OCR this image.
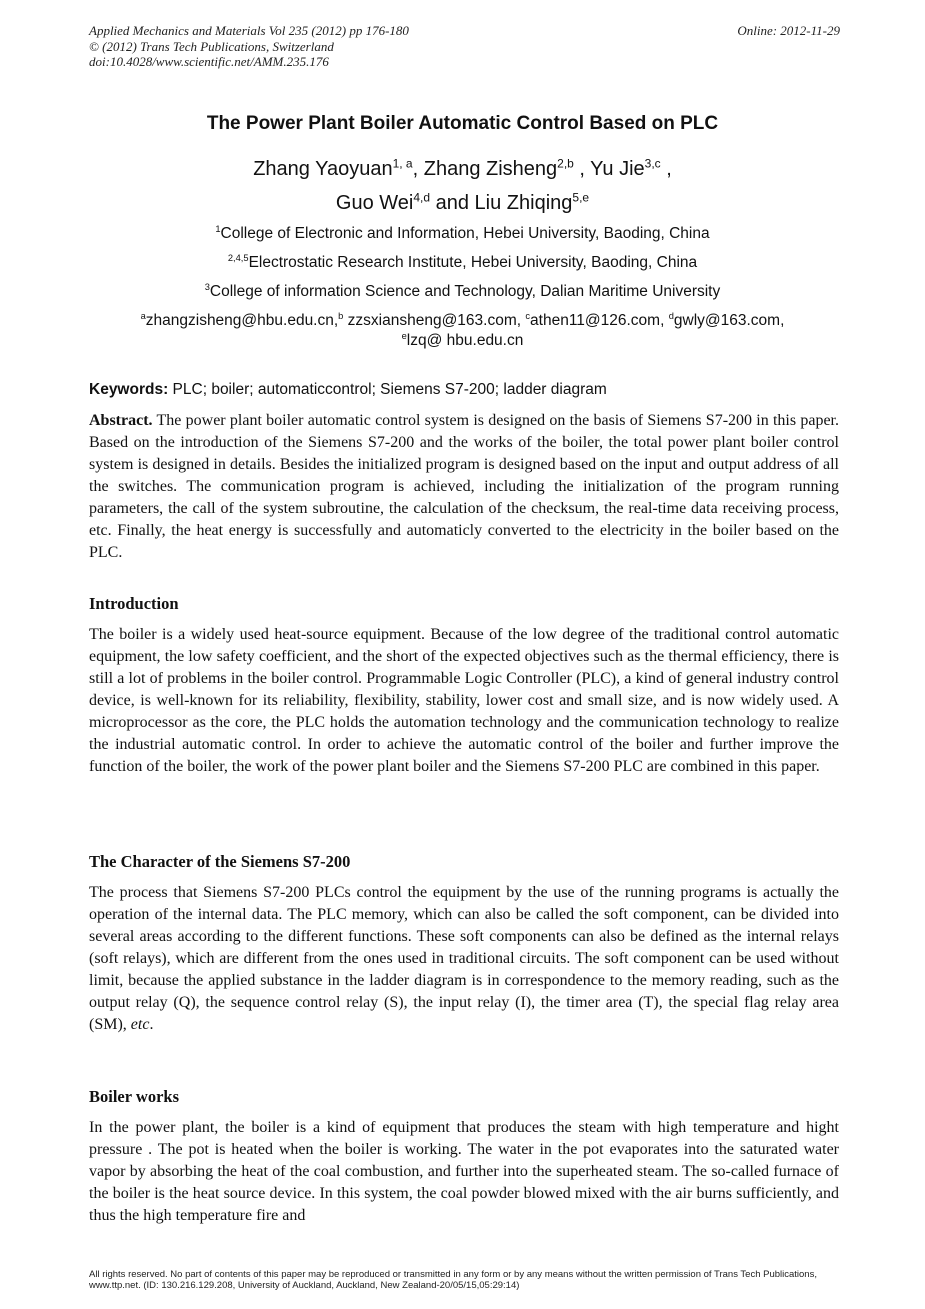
Applied Mechanics and Materials Vol 235 (2012) pp 176-180
© (2012) Trans Tech Publications, Switzerland
doi:10.4028/www.scientific.net/AMM.235.176
Online: 2012-11-29
The Power Plant Boiler Automatic Control Based on PLC
Zhang Yaoyuan$^{1, a}$, Zhang Zisheng$^{2,b}$ , Yu Jie$^{3,c}$ ,
Guo Wei$^{4,d}$ and Liu Zhiqing$^{5,e}$
$^1$College of Electronic and Information, Hebei University, Baoding, China
$^{2,4,5}$Electrostatic Research Institute, Hebei University, Baoding, China
$^3$College of information Science and Technology, Dalian Maritime University
$^a$zhangzisheng@hbu.edu.cn,$^b$ zzsxiansheng@163.com, $^c$athen11@126.com, $^d$gwly@163.com,
$^e$lzq@ hbu.edu.cn
Keywords: PLC; boiler; automaticcontrol; Siemens S7-200; ladder diagram

Abstract. The power plant boiler automatic control system is designed on the basis of Siemens S7-200 in this paper. Based on the introduction of the Siemens S7-200 and the works of the boiler, the total power plant boiler control system is designed in details. Besides the initialized program is designed based on the input and output address of all the switches. The communication program is achieved, including the initialization of the program running parameters, the call of the system subroutine, the calculation of the checksum, the real-time data receiving process, etc. Finally, the heat energy is successfully and automaticly converted to the electricity in the boiler based on the PLC.

Introduction

The boiler is a widely used heat-source equipment. Because of the low degree of the traditional control automatic equipment, the low safety coefficient, and the short of the expected objectives such as the thermal efficiency, there is still a lot of problems in the boiler control. Programmable Logic Controller (PLC), a kind of general industry control device, is well-known for its reliability, flexibility, stability, lower cost and small size, and is now widely used. A microprocessor as the core, the PLC holds the automation technology and the communication technology to realize the industrial automatic control. In order to achieve the automatic control of the boiler and further improve the function of the boiler, the work of the power plant boiler and the Siemens S7-200 PLC are combined in this paper.

The Character of the Siemens S7-200

The process that Siemens S7-200 PLCs control the equipment by the use of the running programs is actually the operation of the internal data. The PLC memory, which can also be called the soft component, can be divided into several areas according to the different functions. These soft components can also be defined as the internal relays (soft relays), which are different from the ones used in traditional circuits. The soft component can be used without limit, because the applied substance in the ladder diagram is in correspondence to the memory reading, such as the output relay (Q), the sequence control relay (S), the input relay (I), the timer area (T), the special flag relay area (SM), etc.

Boiler works

In the power plant, the boiler is a kind of equipment that produces the steam with high temperature and hight pressure . The pot is heated when the boiler is working. The water in the pot evaporates into the saturated water vapor by absorbing the heat of the coal combustion, and further into the superheated steam. The so-called furnace of the boiler is the heat source device. In this system, the coal powder blowed mixed with the air burns sufficiently, and thus the high temperature fire and

All rights reserved. No part of contents of this paper may be reproduced or transmitted in any form or by any means without the written permission of Trans Tech Publications, www.ttp.net. (ID: 130.216.129.208, University of Auckland, Auckland, New Zealand-20/05/15,05:29:14)
